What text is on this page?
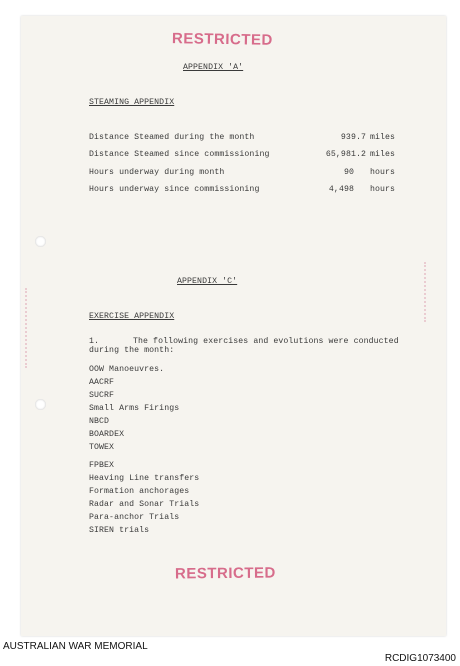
RESTRICTED
APPENDIX 'A'
STEAMING APPENDIX
Distance Steamed during the month	939.7 miles
Distance Steamed since commissioning	65,981.2 miles
Hours underway during month	90 hours
Hours underway since commissioning	4,498 hours
APPENDIX 'C'
EXERCISE APPENDIX
1.	The following exercises and evolutions were conducted
during the month:
OOW Manoeuvres.
AACRF
SUCRF
Small Arms Firings
NBCD
BOARDEX
TOWEX
FPBEX
Heaving Line transfers
Formation anchorages
Radar and Sonar Trials
Para-anchor Trials
SIREN trials
RESTRICTED
AUSTRALIAN WAR MEMORIAL
RCDIG1073400
